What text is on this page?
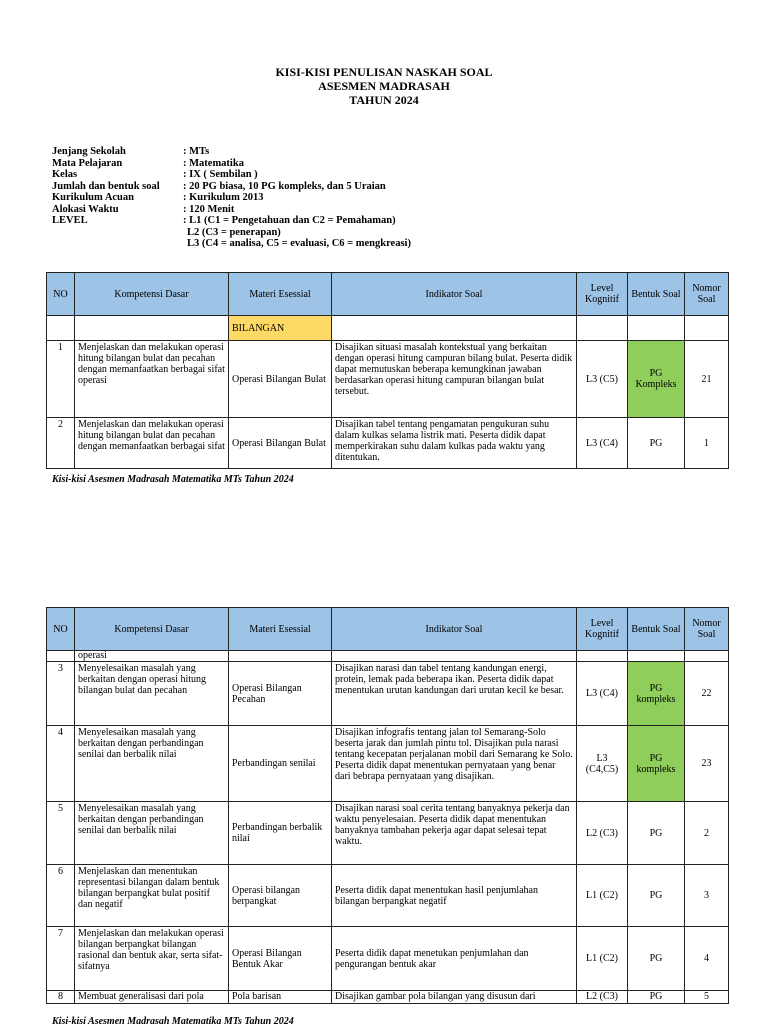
KISI-KISI PENULISAN NASKAH SOAL
ASESMEN MADRASAH
TAHUN 2024
Jenjang Sekolah	: MTs
Mata Pelajaran	: Matematika
Kelas	: IX ( Sembilan )
Jumlah dan bentuk soal	: 20 PG biasa, 10 PG kompleks, dan 5 Uraian
Kurikulum Acuan	: Kurikulum 2013
Alokasi Waktu	: 120 Menit
LEVEL	: L1 (C1 = Pengetahuan dan C2 = Pemahaman)
L2 (C3 = penerapan)
L3 (C4 = analisa, C5 = evaluasi, C6 = mengkreasi)
NO	Kompetensi Dasar	Materi Esessial	Indikator Soal	Level Kognitif	Bentuk Soal	Nomor Soal
		BILANGAN				
1	Menjelaskan dan melakukan operasi hitung bilangan bulat dan pecahan dengan memanfaatkan berbagai sifat operasi	Operasi Bilangan Bulat	Disajikan situasi masalah kontekstual yang berkaitan dengan operasi hitung campuran bilang bulat. Peserta didik dapat memutuskan beberapa kemungkinan jawaban berdasarkan operasi hitung campuran bilangan bulat tersebut.	L3 (C5)	PG Kompleks	21
2	Menjelaskan dan melakukan operasi hitung bilangan bulat dan pecahan dengan memanfaatkan berbagai sifat	Operasi Bilangan Bulat	Disajikan tabel tentang pengamatan pengukuran suhu dalam kulkas selama listrik mati. Peserta didik dapat memperkirakan suhu dalam kulkas pada waktu yang ditentukan.	L3 (C4)	PG	1
Kisi-kisi Asesmen Madrasah Matematika MTs Tahun 2024
NO	Kompetensi Dasar	Materi Esessial	Indikator Soal	Level Kognitif	Bentuk Soal	Nomor Soal
	operasi					
3	Menyelesaikan masalah yang berkaitan dengan operasi hitung bilangan bulat dan pecahan	Operasi Bilangan Pecahan	Disajikan narasi dan tabel tentang kandungan energi, protein, lemak pada beberapa ikan. Peserta didik dapat menentukan urutan kandungan dari urutan kecil ke besar.	L3 (C4)	PG kompleks	22
4	Menyelesaikan masalah yang berkaitan dengan perbandingan senilai dan berbalik nilai	Perbandingan senilai	Disajikan infografis tentang jalan tol Semarang-Solo beserta jarak dan jumlah pintu tol. Disajikan pula narasi tentang kecepatan perjalanan mobil dari Semarang ke Solo. Peserta didik dapat menentukan pernyataan yang benar dari bebrapa pernyataan yang disajikan.	L3 (C4,C5)	PG kompleks	23
5	Menyelesaikan masalah yang berkaitan dengan perbandingan senilai dan berbalik nilai	Perbandingan berbalik nilai	Disajikan narasi soal cerita tentang banyaknya pekerja dan waktu penyelesaian. Peserta didik dapat menentukan banyaknya tambahan pekerja agar dapat selesai tepat waktu.	L2 (C3)	PG	2
6	Menjelaskan dan menentukan representasi bilangan dalam bentuk bilangan berpangkat bulat positif dan negatif	Operasi bilangan berpangkat	Peserta didik dapat menentukan hasil penjumlahan bilangan berpangkat negatif	L1 (C2)	PG	3
7	Menjelaskan dan melakukan operasi bilangan berpangkat bilangan rasional dan bentuk akar, serta sifat-sifatnya	Operasi Bilangan Bentuk Akar	Peserta didik dapat menetukan penjumlahan dan pengurangan bentuk akar	L1 (C2)	PG	4
8	Membuat generalisasi dari pola	Pola barisan	Disajikan gambar pola bilangan yang disusun dari	L2 (C3)	PG	5
Kisi-kisi Asesmen Madrasah Matematika MTs Tahun 2024
